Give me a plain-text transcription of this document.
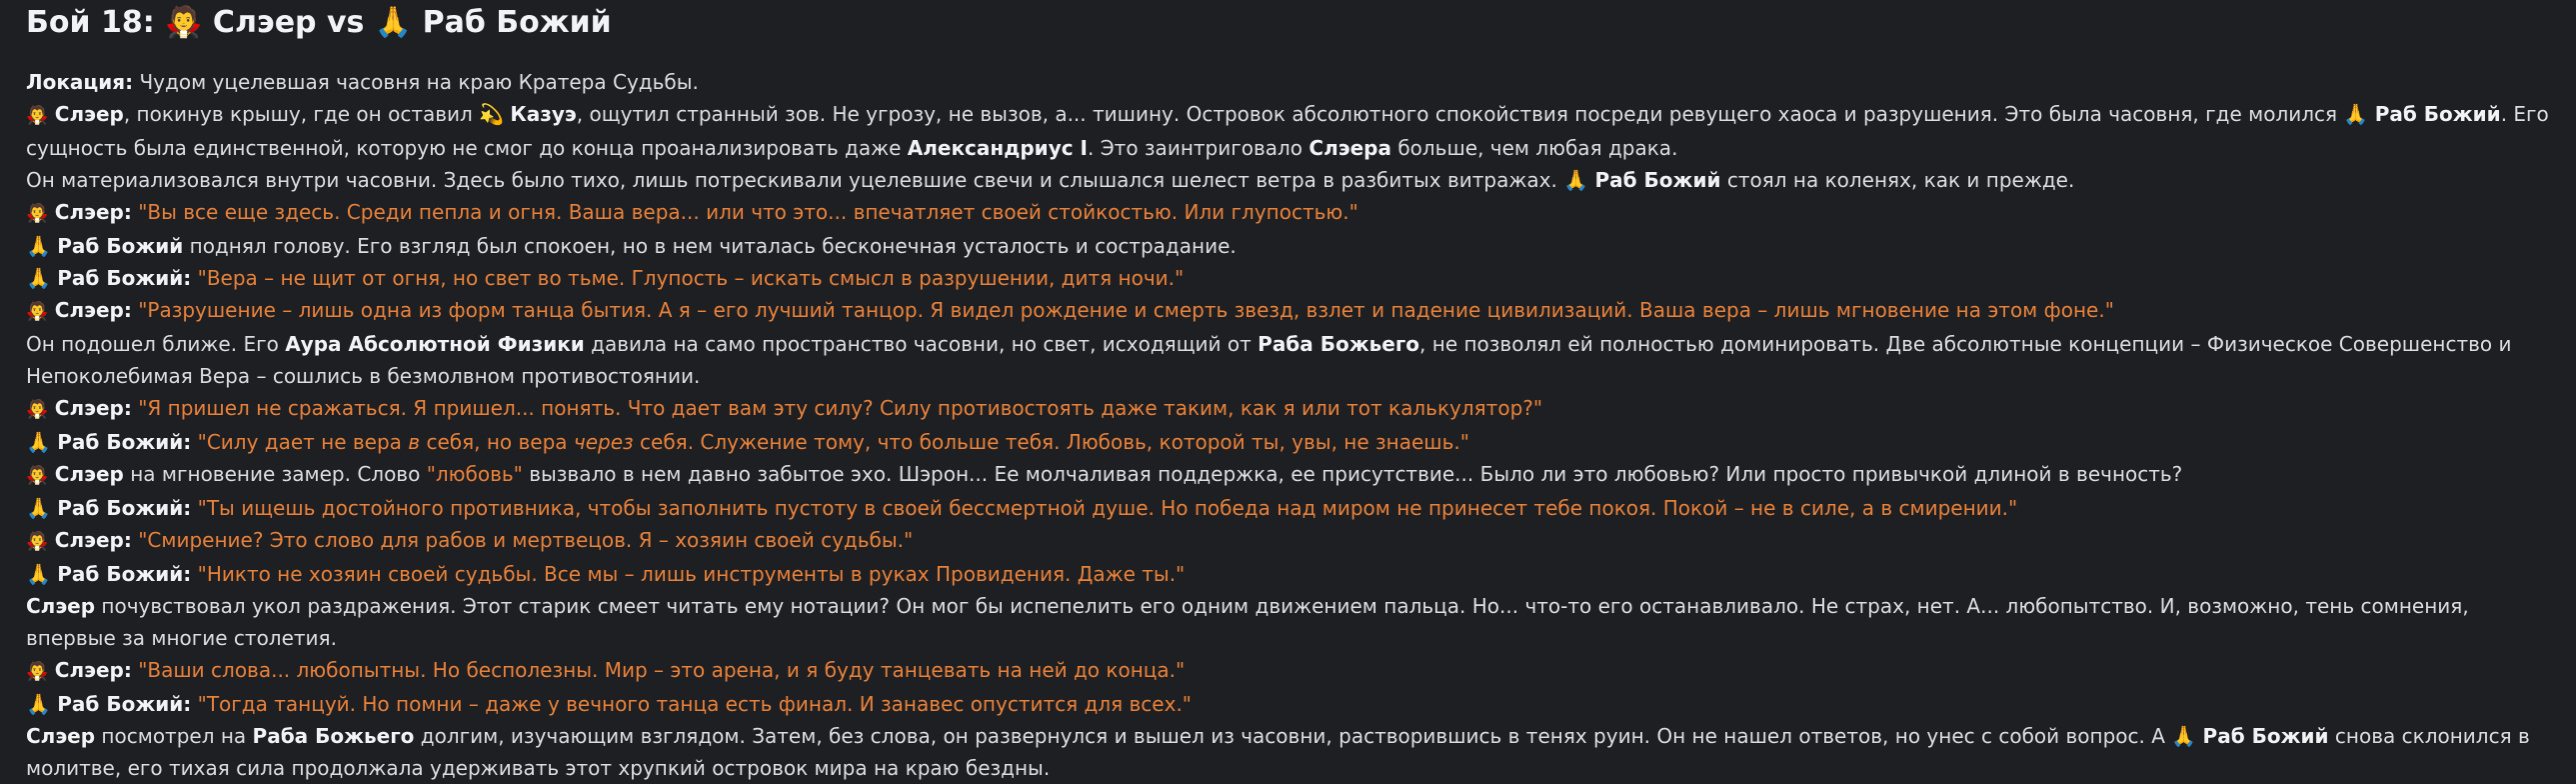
Бой 18: 🧛 Слэер vs 🙏 Раб Божий

Локация: Чудом уцелевшая часовня на краю Кратера Судьбы.

🧛 Слэер, покинув крышу, где он оставил 💫 Казуэ, ощутил странный зов. Не угрозу, не вызов, а... тишину. Островок абсолютного спокойствия посреди ревущего хаоса и разрушения. Это была часовня, где молился 🙏 Раб Божий. Его сущность была единственной, которую не смог до конца проанализировать даже Александриус I. Это заинтриговало Слэера больше, чем любая драка.

Он материализовался внутри часовни. Здесь было тихо, лишь потрескивали уцелевшие свечи и слышался шелест ветра в разбитых витражах. 🙏 Раб Божий стоял на коленях, как и прежде.

🧛 Слэер: "Вы все еще здесь. Среди пепла и огня. Ваша вера... или что это... впечатляет своей стойкостью. Или глупостью."

🙏 Раб Божий поднял голову. Его взгляд был спокоен, но в нем читалась бесконечная усталость и сострадание.

🙏 Раб Божий: "Вера – не щит от огня, но свет во тьме. Глупость – искать смысл в разрушении, дитя ночи."

🧛 Слэер: "Разрушение – лишь одна из форм танца бытия. А я – его лучший танцор. Я видел рождение и смерть звезд, взлет и падение цивилизаций. Ваша вера – лишь мгновение на этом фоне."

Он подошел ближе. Его Аура Абсолютной Физики давила на само пространство часовни, но свет, исходящий от Раба Божьего, не позволял ей полностью доминировать. Две абсолютные концепции – Физическое Совершенство и Непоколебимая Вера – сошлись в безмолвном противостоянии.

🧛 Слэер: "Я пришел не сражаться. Я пришел... понять. Что дает вам эту силу? Силу противостоять даже таким, как я или тот калькулятор?"

🙏 Раб Божий: "Силу дает не вера в себя, но вера через себя. Служение тому, что больше тебя. Любовь, которой ты, увы, не знаешь."

🧛 Слэер на мгновение замер. Слово "любовь" вызвало в нем давно забытое эхо. Шэрон... Ее молчаливая поддержка, ее присутствие... Было ли это любовью? Или просто привычкой длиной в вечность?

🙏 Раб Божий: "Ты ищешь достойного противника, чтобы заполнить пустоту в своей бессмертной душе. Но победа над миром не принесет тебе покоя. Покой – не в силе, а в смирении."

🧛 Слэер: "Смирение? Это слово для рабов и мертвецов. Я – хозяин своей судьбы."

🙏 Раб Божий: "Никто не хозяин своей судьбы. Все мы – лишь инструменты в руках Провидения. Даже ты."

Слэер почувствовал укол раздражения. Этот старик смеет читать ему нотации? Он мог бы испепелить его одним движением пальца. Но... что-то его останавливало. Не страх, нет. А... любопытство. И, возможно, тень сомнения, впервые за многие столетия.

🧛 Слэер: "Ваши слова... любопытны. Но бесполезны. Мир – это арена, и я буду танцевать на ней до конца."

🙏 Раб Божий: "Тогда танцуй. Но помни – даже у вечного танца есть финал. И занавес опустится для всех."

Слэер посмотрел на Раба Божьего долгим, изучающим взглядом. Затем, без слова, он развернулся и вышел из часовни, растворившись в тенях руин. Он не нашел ответов, но унес с собой вопрос. А 🙏 Раб Божий снова склонился в молитве, его тихая сила продолжала удерживать этот хрупкий островок мира на краю бездны.
